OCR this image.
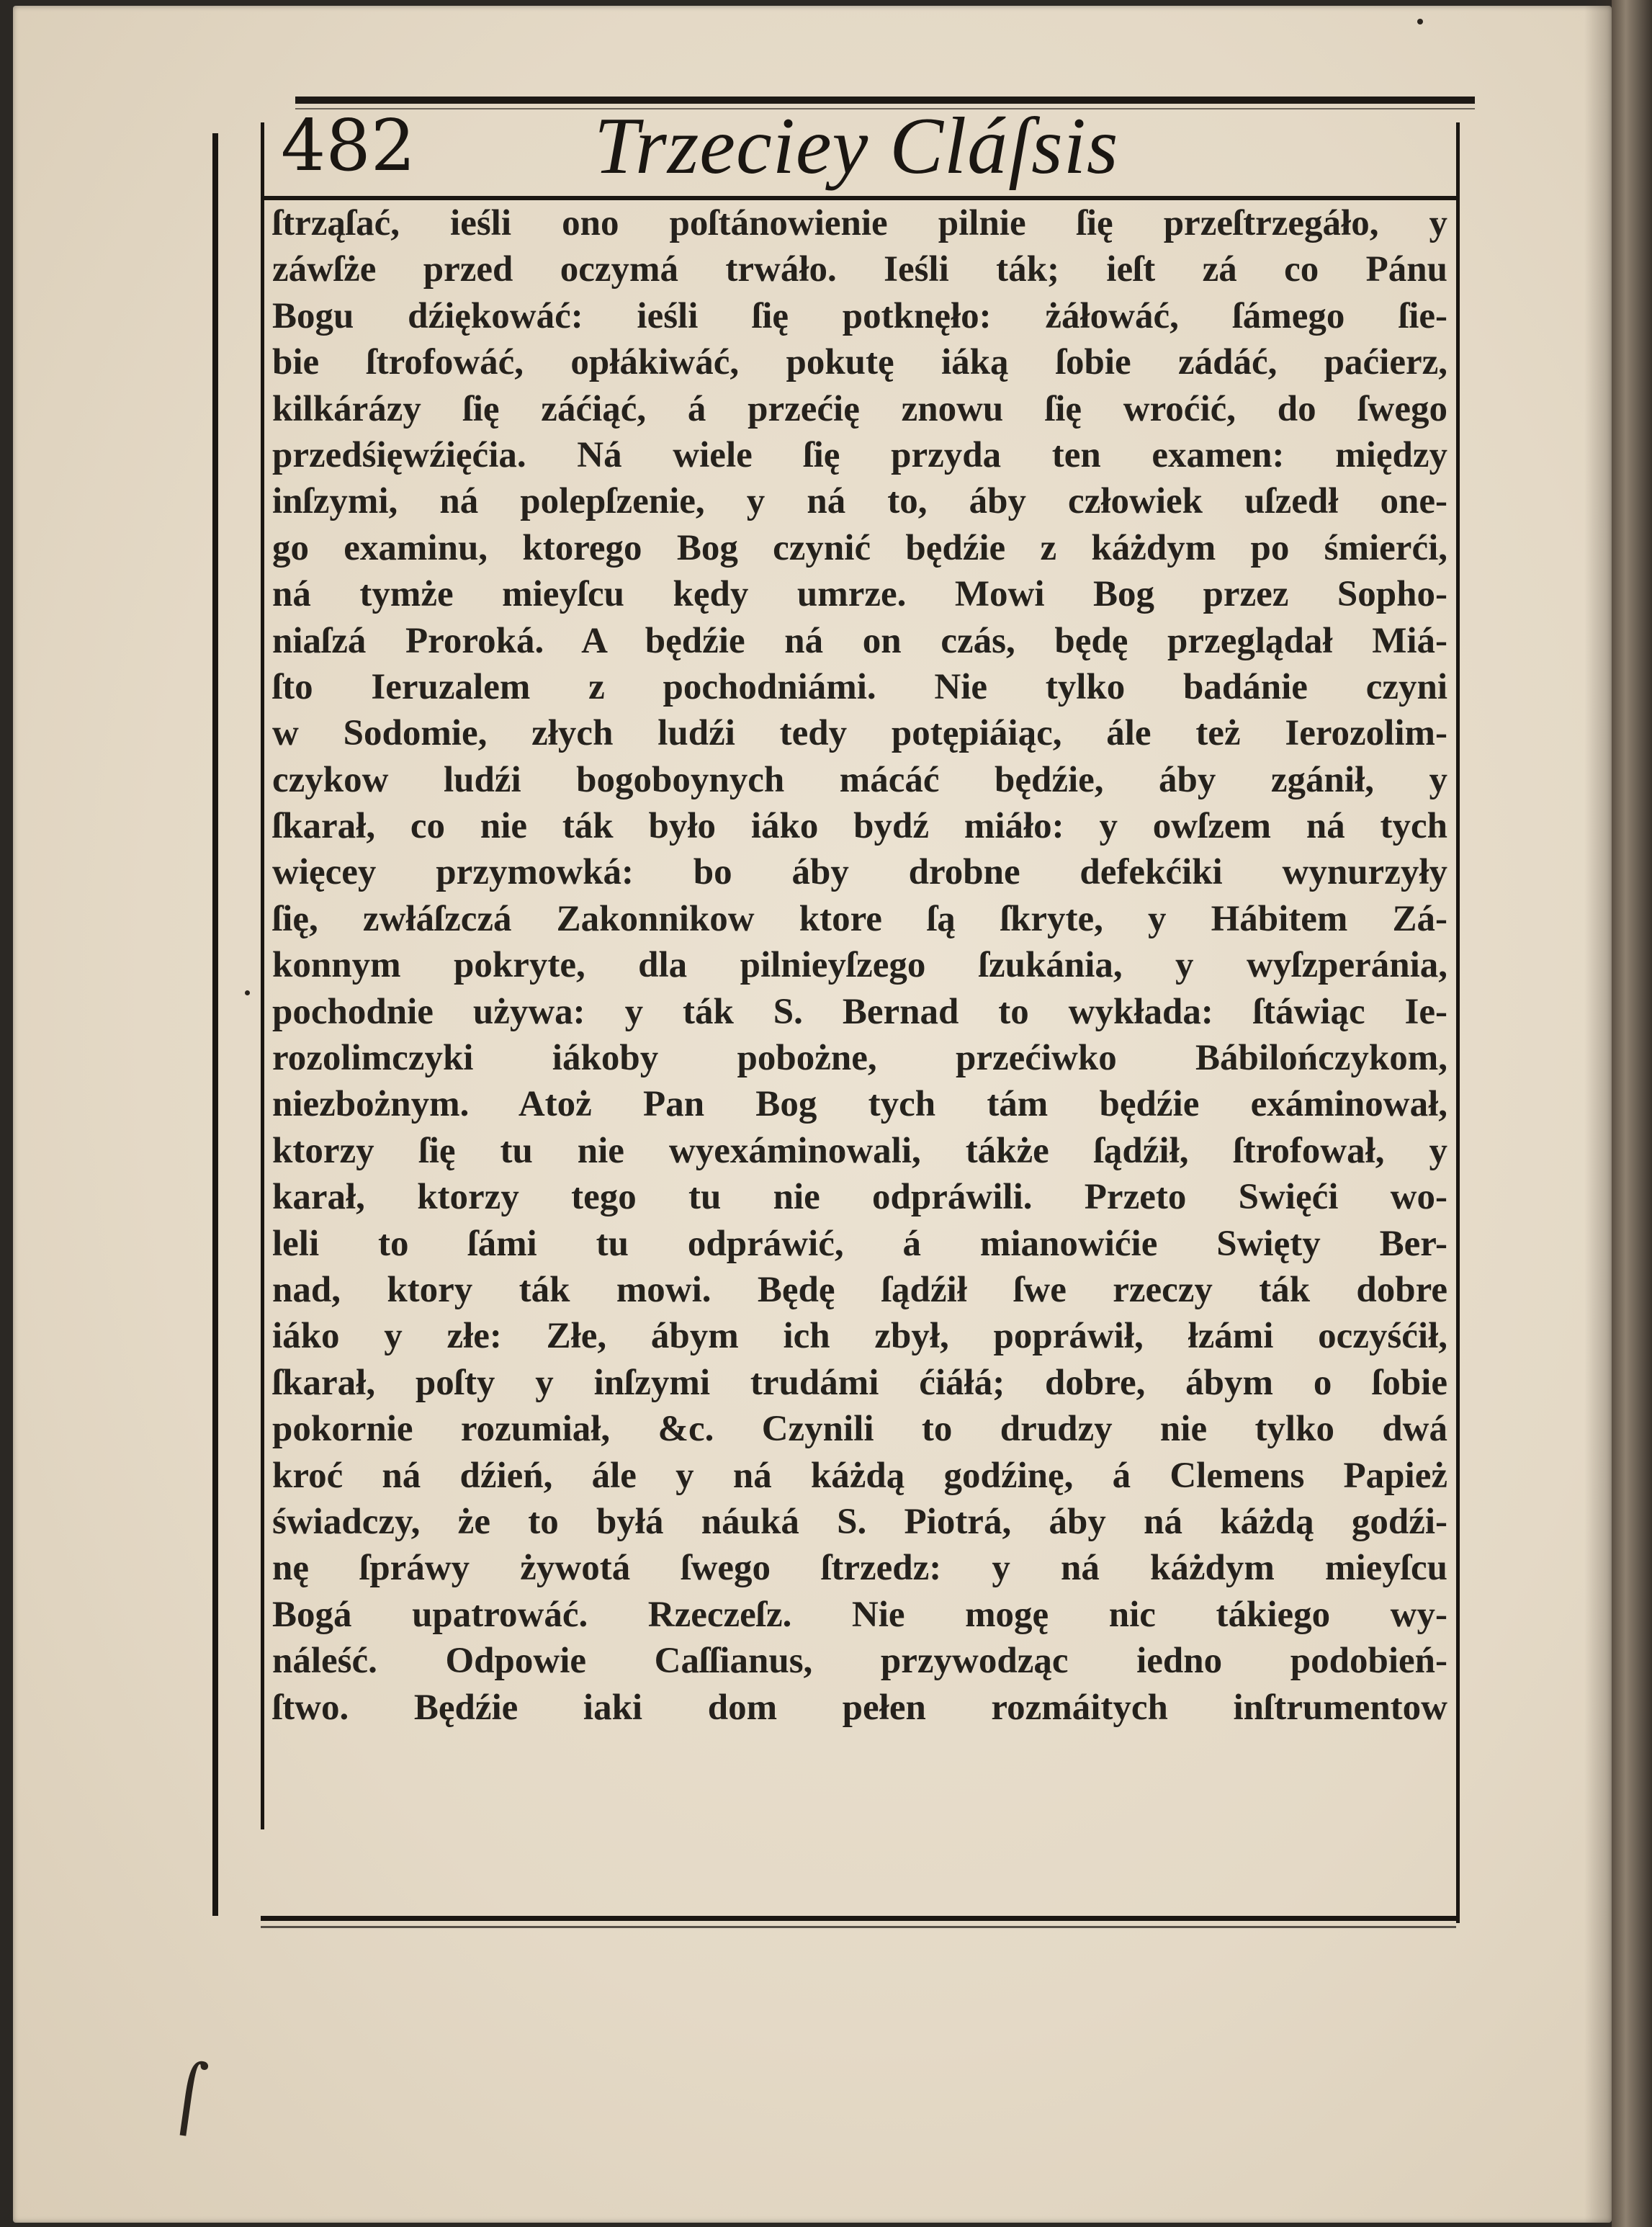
482 Trzeciey Cláſsis
ſtrząſać, ieśli ono poſtánowienie pilnie ſię przeſtrzegáło, y
záwſże przed oczymá trwáło. Ieśli ták; ieſt zá co Pánu
Bogu dźiękowáć: ieśli ſię potknęło: żáłowáć, ſámego ſie-
bie ſtrofowáć, opłákiwáć, pokutę iáką ſobie zádáć, paćierz,
kilkárázy ſię záćiąć, á przećię znowu ſię wroćić, do ſwego
przedśięwźięćia. Ná wiele ſię przyda ten examen: między
inſzymi, ná polepſzenie, y ná to, áby człowiek uſzedł one-
go examinu, ktorego Bog czynić będźie z káżdym po śmierći,
ná tymże mieyſcu kędy umrze. Mowi Bog przez Sopho-
niaſzá Proroká. A będźie ná on czás, będę przeglądał Miá-
ſto Ieruzalem z pochodniámi. Nie tylko badánie czyni
w Sodomie, złych ludźi tedy potępiáiąc, ále też Ierozolim-
czykow ludźi bogoboynych mácáć będźie, áby zgánił, y
ſkarał, co nie ták było iáko bydź miáło: y owſzem ná tych
więcey przymowká: bo áby drobne defekćiki wynurzyły
ſię, zwłáſzczá Zakonnikow ktore ſą ſkryte, y Hábitem Zá-
konnym pokryte, dla pilnieyſzego ſzukánia, y wyſzperánia,
pochodnie używa: y ták S. Bernad to wykłada: ſtáwiąc Ie-
rozolimczyki iákoby pobożne, przećiwko Bábilończykom,
niezbożnym. Atoż Pan Bog tych tám będźie exáminował,
ktorzy ſię tu nie wyexáminowali, tákże ſądźił, ſtrofował, y
karał, ktorzy tego tu nie odpráwili. Przeto Swięći wo-
leli to ſámi tu odpráwić, á mianowićie Swięty Ber-
nad, ktory ták mowi. Będę ſądźił ſwe rzeczy ták dobre
iáko y złe: Złe, ábym ich zbył, popráwił, łzámi oczyśćił,
ſkarał, poſty y inſzymi trudámi ćiáłá; dobre, ábym o ſobie
pokornie rozumiał, &c. Czynili to drudzy nie tylko dwá
kroć ná dźień, ále y ná káżdą godźinę, á Clemens Papież
świadczy, że to byłá náuká S. Piotrá, áby ná káżdą godźi-
nę ſpráwy żywotá ſwego ſtrzedz: y ná káżdym mieyſcu
Bogá upatrowáć. Rzeczeſz. Nie mogę nic tákiego wy-
náleść. Odpowie Caſſianus, przywodząc iedno podobień-
ſtwo. Będźie iaki dom pełen rozmáitych inſtrumentow
⌠
